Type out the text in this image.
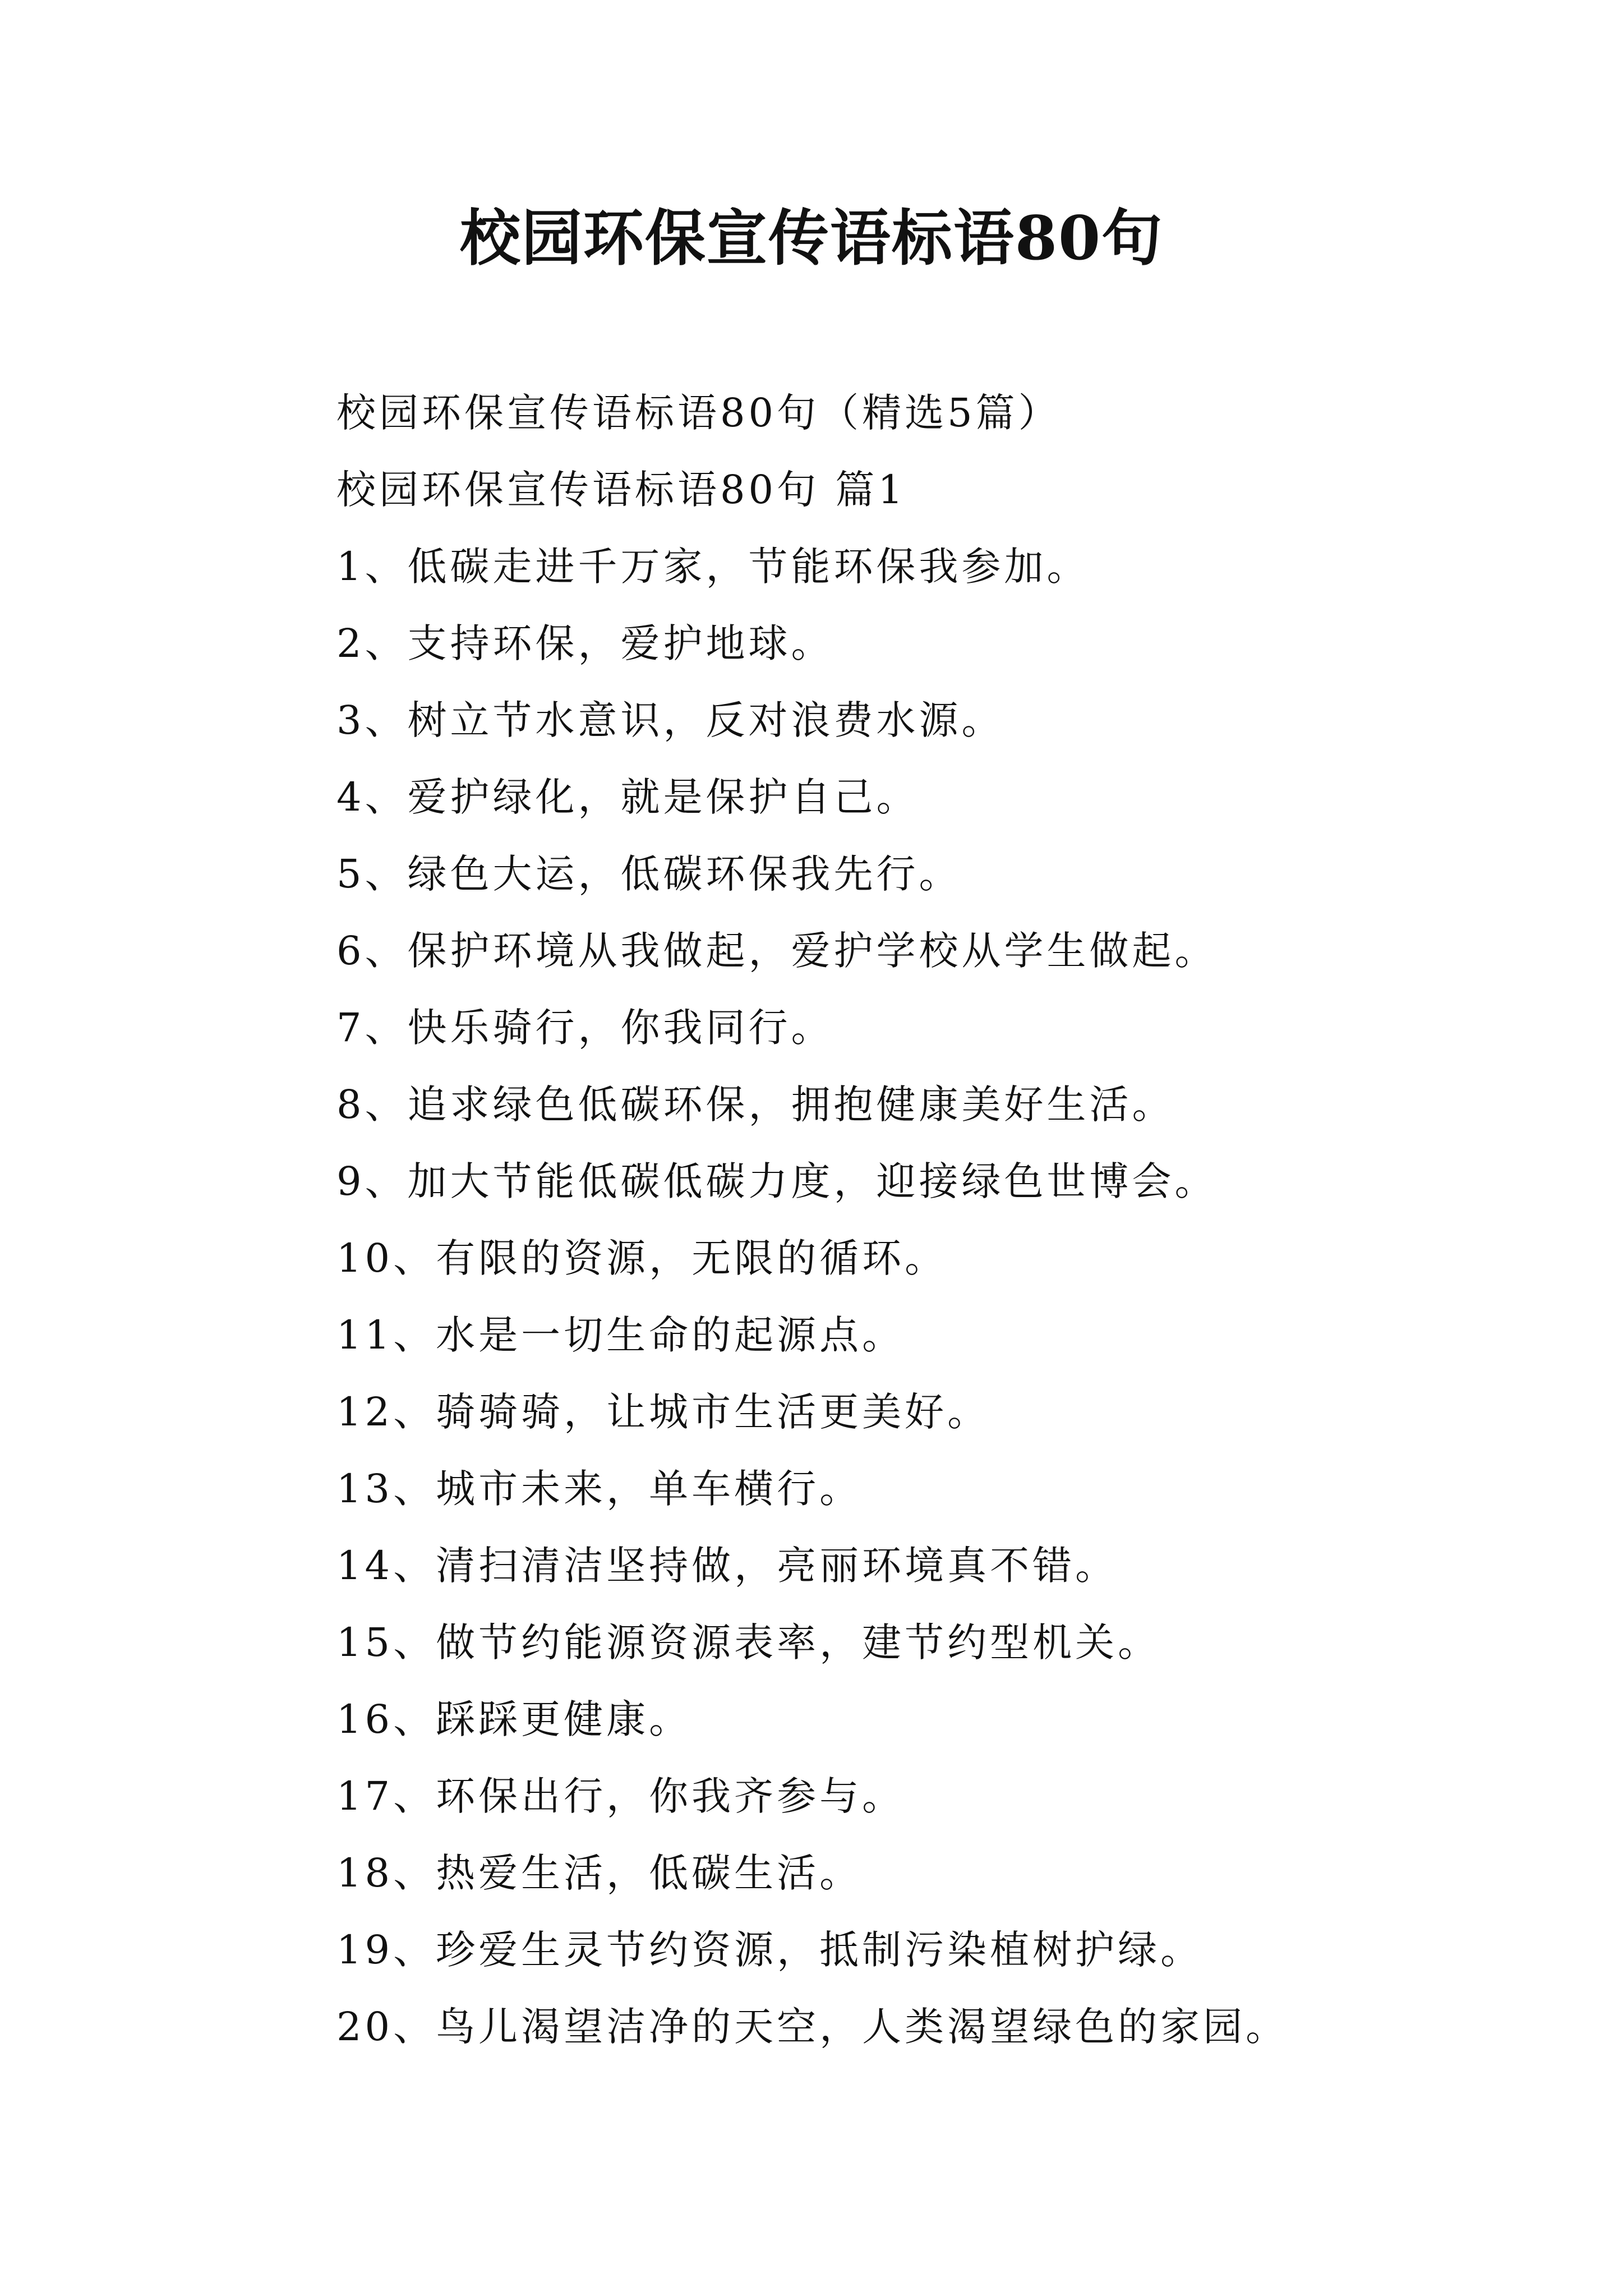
校园环保宣传语标语80句

校园环保宣传语标语80句（精选5篇）

校园环保宣传语标语80句 篇1

1、低碳走进千万家，节能环保我参加。

2、支持环保，爱护地球。

3、树立节水意识，反对浪费水源。

4、爱护绿化，就是保护自己。

5、绿色大运，低碳环保我先行。

6、保护环境从我做起，爱护学校从学生做起。

7、快乐骑行，你我同行。

8、追求绿色低碳环保，拥抱健康美好生活。

9、加大节能低碳低碳力度，迎接绿色世博会。

10、有限的资源，无限的循环。

11、水是一切生命的起源点。

12、骑骑骑，让城市生活更美好。

13、城市未来，单车横行。

14、清扫清洁坚持做，亮丽环境真不错。

15、做节约能源资源表率，建节约型机关。

16、踩踩更健康。

17、环保出行，你我齐参与。

18、热爱生活，低碳生活。

19、珍爱生灵节约资源，抵制污染植树护绿。

20、鸟儿渴望洁净的天空，人类渴望绿色的家园。
